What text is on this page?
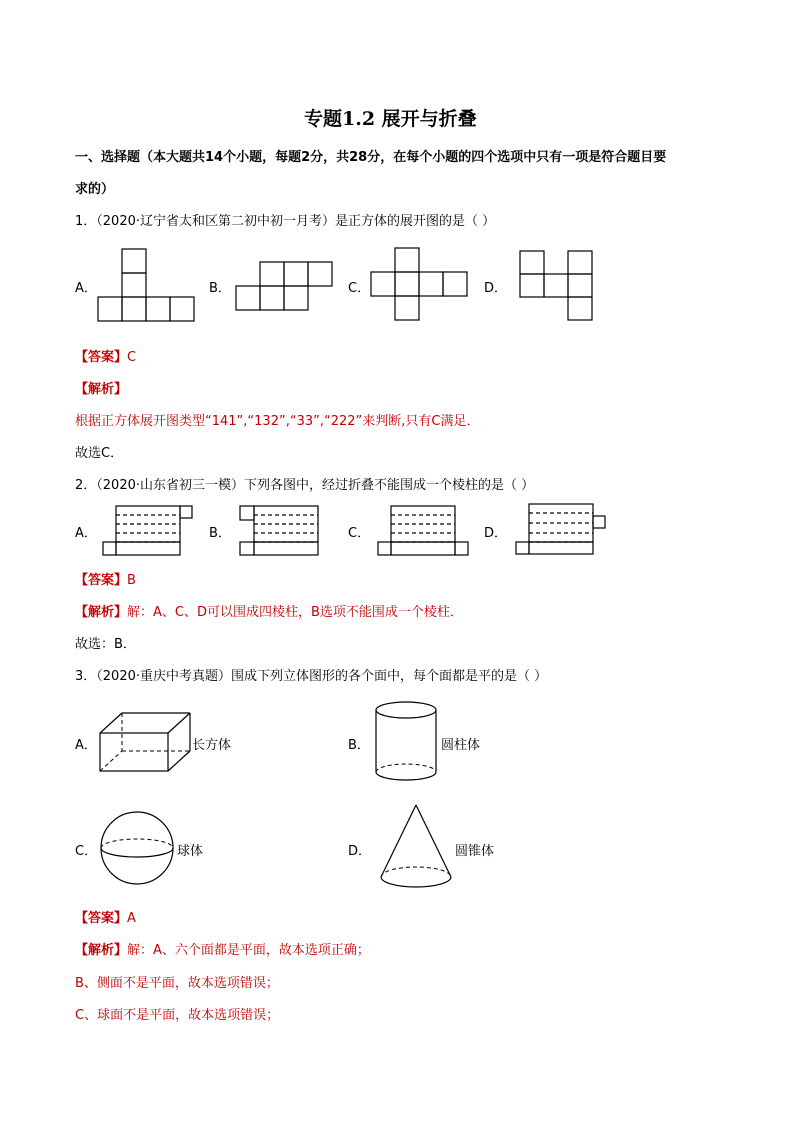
专题1.2 展开与折叠
一、选择题（本大题共14个小题，每题2分，共28分，在每个小题的四个选项中只有一项是符合题目要
求的）
1．（2020·辽宁省太和区第二初中初一月考）是正方体的展开图的是（ ）
A．	B．	C．	D．
【答案】C
【解析】
根据正方体展开图类型“141”,“132”,“33”,“222”来判断,只有C满足．
故选C．
2．（2020·山东省初三一模）下列各图中，经过折叠不能围成一个棱柱的是（ ）
A．	B．	C．	D．
【答案】B
【解析】解：A、C、D可以围成四棱柱，B选项不能围成一个棱柱．
故选：B．
3．（2020·重庆中考真题）围成下列立体图形的各个面中，每个面都是平的是（ ）
A．	长方体	B．	圆柱体
C．	球体	D．	圆锥体
【答案】A
【解析】解：A、六个面都是平面，故本选项正确；
B、侧面不是平面，故本选项错误；
C、球面不是平面，故本选项错误；
